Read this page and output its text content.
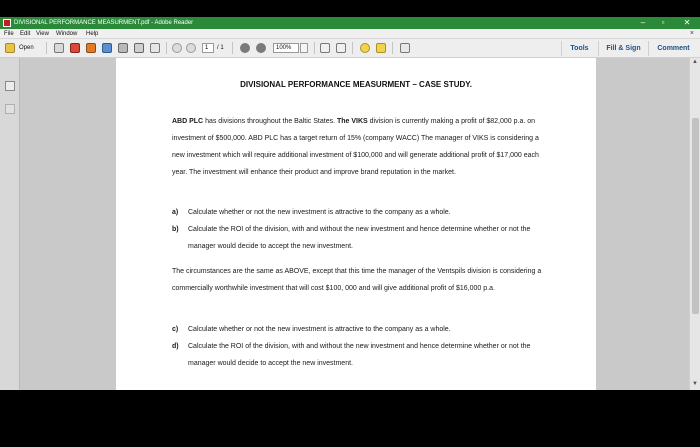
DIVISIONAL PERFORMANCE MEASURMENT.pdf - Adobe Reader	–	▫	✕
File Edit View Window Help	×
Open	1	/ 1	100%	Tools	Fill & Sign	Comment
DIVISIONAL PERFORMANCE MEASURMENT – CASE STUDY.
ABD PLC has divisions throughout the Baltic States. The VIKS division is currently making a profit of $82,000 p.a. on investment of $500,000. ABD PLC has a target return of 15% (company WACC) The manager of VIKS is considering a new investment which will require additional investment of $100,000 and will generate additional profit of $17,000 each year. The investment will enhance their product and improve brand reputation in the market.
a) Calculate whether or not the new investment is attractive to the company as a whole.
b) Calculate the ROI of the division, with and without the new investment and hence determine whether or not the manager would decide to accept the new investment.
The circumstances are the same as ABOVE, except that this time the manager of the Ventspils division is considering a commercially worthwhile investment that will cost $100, 000 and will give additional profit of $16,000 p.a.
c) Calculate whether or not the new investment is attractive to the company as a whole.
d) Calculate the ROI of the division, with and without the new investment and hence determine whether or not the manager would decide to accept the new investment.
▲
▼
